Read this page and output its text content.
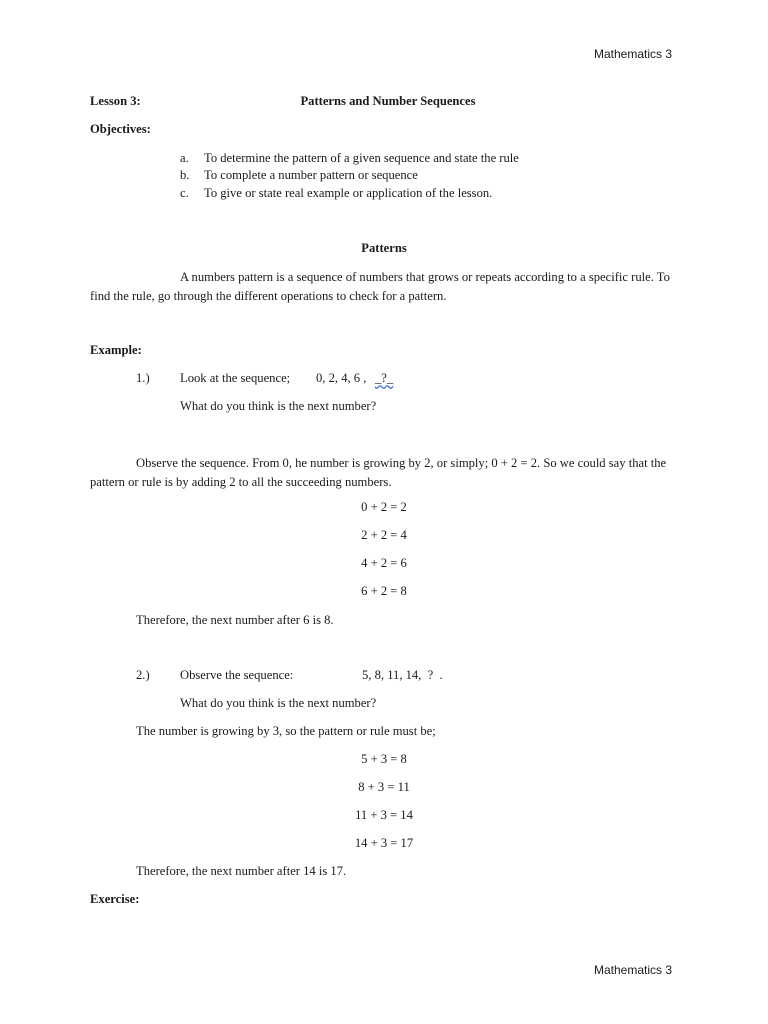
Mathematics 3
Lesson 3:	Patterns and Number Sequences
Objectives:
a. To determine the pattern of a given sequence and state the rule
b. To complete a number pattern or sequence
c. To give or state real example or application of the lesson.
Patterns
A numbers pattern is a sequence of numbers that grows or repeats according to a specific rule. To find the rule, go through the different operations to check for a pattern.
Example:
1.) Look at the sequence; 0, 2, 4, 6 , _?_
What do you think is the next number?
Observe the sequence. From 0, he number is growing by 2, or simply; 0 + 2 = 2. So we could say that the pattern or rule is by adding 2 to all the succeeding numbers.
0 + 2 = 2
2 + 2 = 4
4 + 2 = 6
6 + 2 = 8
Therefore, the next number after 6 is 8.
2.) Observe the sequence:	5, 8, 11, 14,  ?  .
What do you think is the next number?
The number is growing by 3, so the pattern or rule must be;
5 + 3 = 8
8 + 3 = 11
11 + 3 = 14
14 + 3 = 17
Therefore, the next number after 14 is 17.
Exercise:
Mathematics 3
